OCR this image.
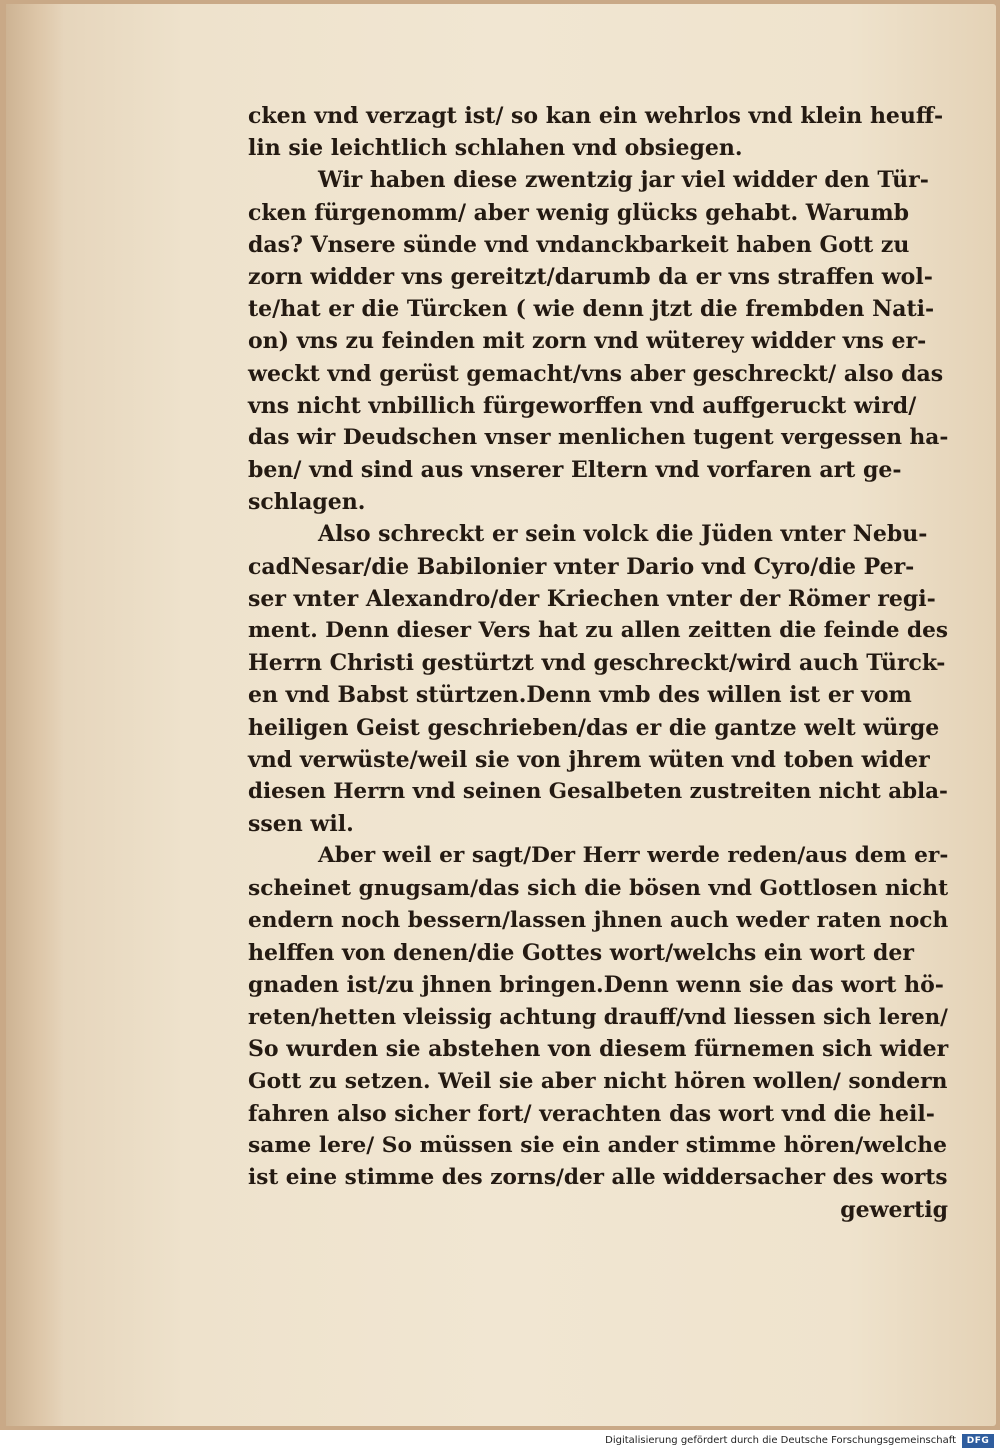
cken vnd verzagt ist/ so kan ein wehrlos vnd klein heuff-
lin sie leichtlich schlahen vnd obsiegen.
Wir haben diese zwentzig jar viel widder den Tür-
cken fürgenomm/ aber wenig glücks gehabt. Warumb
das? Vnsere sünde vnd vndanckbarkeit haben Gott zu
zorn widder vns gereitzt/darumb da er vns straffen wol-
te/hat er die Türcken ( wie denn jtzt die frembden Nati-
on) vns zu feinden mit zorn vnd wüterey widder vns er-
weckt vnd gerüst gemacht/vns aber geschreckt/ also das
vns nicht vnbillich fürgeworffen vnd auffgeruckt wird/
das wir Deudschen vnser menlichen tugent vergessen ha-
ben/ vnd sind aus vnserer Eltern vnd vorfaren art ge-
schlagen.
Also schreckt er sein volck die Jüden vnter Nebu-
cadNesar/die Babilonier vnter Dario vnd Cyro/die Per-
ser vnter Alexandro/der Kriechen vnter der Römer regi-
ment. Denn dieser Vers hat zu allen zeitten die feinde des
Herrn Christi gestürtzt vnd geschreckt/wird auch Türck-
en vnd Babst stürtzen.Denn vmb des willen ist er vom
heiligen Geist geschrieben/das er die gantze welt würge
vnd verwüste/weil sie von jhrem wüten vnd toben wider
diesen Herrn vnd seinen Gesalbeten zustreiten nicht abla-
ssen wil.
Aber weil er sagt/Der Herr werde reden/aus dem er-
scheinet gnugsam/das sich die bösen vnd Gottlosen nicht
endern noch bessern/lassen jhnen auch weder raten noch
helffen von denen/die Gottes wort/welchs ein wort der
gnaden ist/zu jhnen bringen.Denn wenn sie das wort hö-
reten/hetten vleissig achtung drauff/vnd liessen sich leren/
So wurden sie abstehen von diesem fürnemen sich wider
Gott zu setzen. Weil sie aber nicht hören wollen/ sondern
fahren also sicher fort/ verachten das wort vnd die heil-
same lere/ So müssen sie ein ander stimme hören/welche
ist eine stimme des zorns/der alle widdersacher des worts
gewertig
Digitalisierung gefördert durch die Deutsche Forschungsgemeinschaft	DFG
